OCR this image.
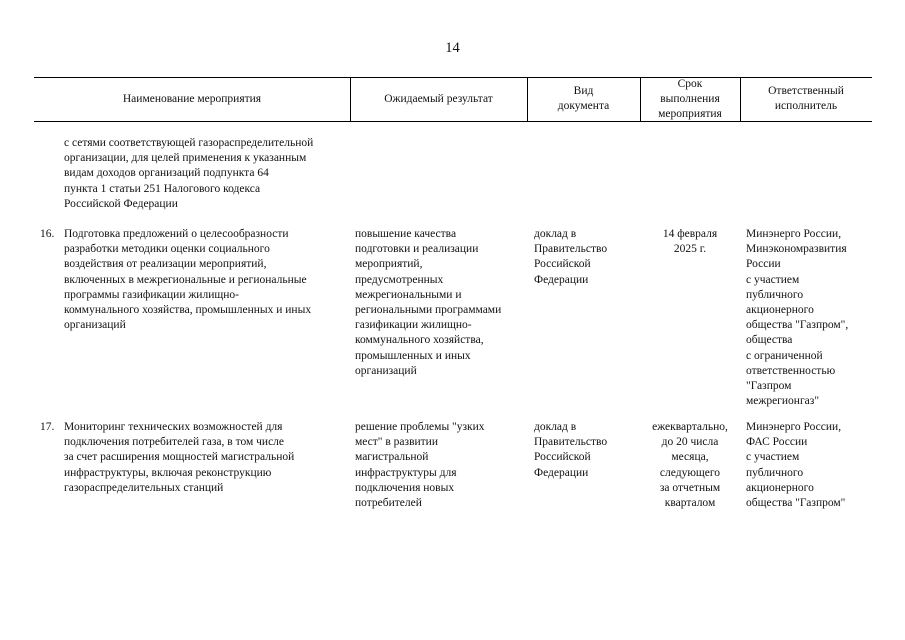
14
Наименование мероприятия	Ожидаемый результат
Вид
документа
Срок
выполнения
мероприятия
Ответственный
исполнитель
с сетями соответствующей газораспределительной
организации, для целей применения к указанным
видам доходов организаций подпункта 64
пункта 1 статьи 251 Налогового кодекса
Российской Федерации
16. Подготовка предложений о целесообразности
разработки методики оценки социального
воздействия от реализации мероприятий,
включенных в межрегиональные и региональные
программы газификации жилищно-
коммунального хозяйства, промышленных и иных
организаций
повышение качества
подготовки и реализации
мероприятий,
предусмотренных
межрегиональными и
региональными программами
газификации жилищно-
коммунального хозяйства,
промышленных и иных
организаций
доклад в
Правительство
Российской
Федерации
14 февраля
2025 г.
Минэнерго России,
Минэкономразвития
России
с участием
публичного
акционерного
общества "Газпром",
общества
с ограниченной
ответственностью
"Газпром
межрегионгаз"
17. Мониторинг технических возможностей для
подключения потребителей газа, в том числе
за счет расширения мощностей магистральной
инфраструктуры, включая реконструкцию
газораспределительных станций
решение проблемы "узких
мест" в развитии
магистральной
инфраструктуры для
подключения новых
потребителей
доклад в
Правительство
Российской
Федерации
ежеквартально,
до 20 числа
месяца,
следующего
за отчетным
кварталом
Минэнерго России,
ФАС России
с участием
публичного
акционерного
общества "Газпром"
